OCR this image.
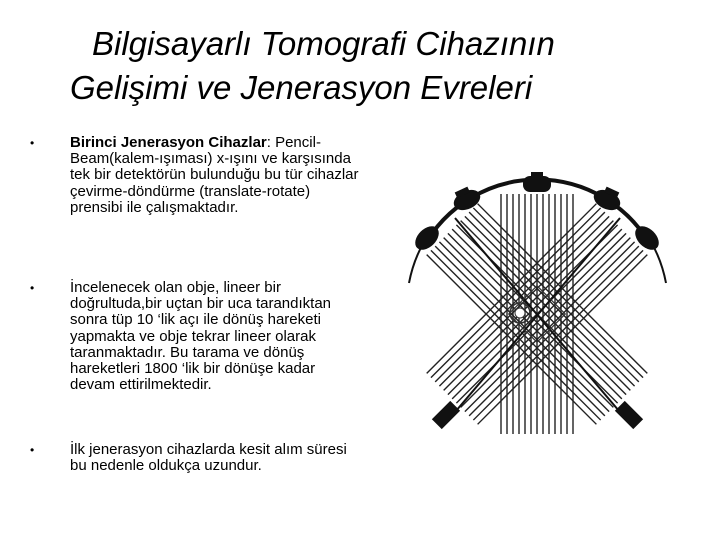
Bilgisayarlı Tomografi Cihazının
Gelişimi ve Jenerasyon Evreleri
• Birinci Jenerasyon Cihazlar: Pencil-Beam(kalem-ışıması) x-ışını ve karşısında tek bir detektörün bulunduğu bu tür cihazlar çevirme-döndürme (translate-rotate) prensibi ile çalışmaktadır.
• İncelenecek olan obje, lineer bir doğrultuda,bir uçtan bir uca tarandıktan sonra tüp 10 ‘lik açı ile dönüş hareketi yapmakta ve obje tekrar lineer olarak taranmaktadır. Bu tarama ve dönüş hareketleri 1800 ‘lik bir dönüşe kadar devam ettirilmektedir.
• İlk jenerasyon cihazlarda kesit alım süresi bu nedenle oldukça uzundur.
